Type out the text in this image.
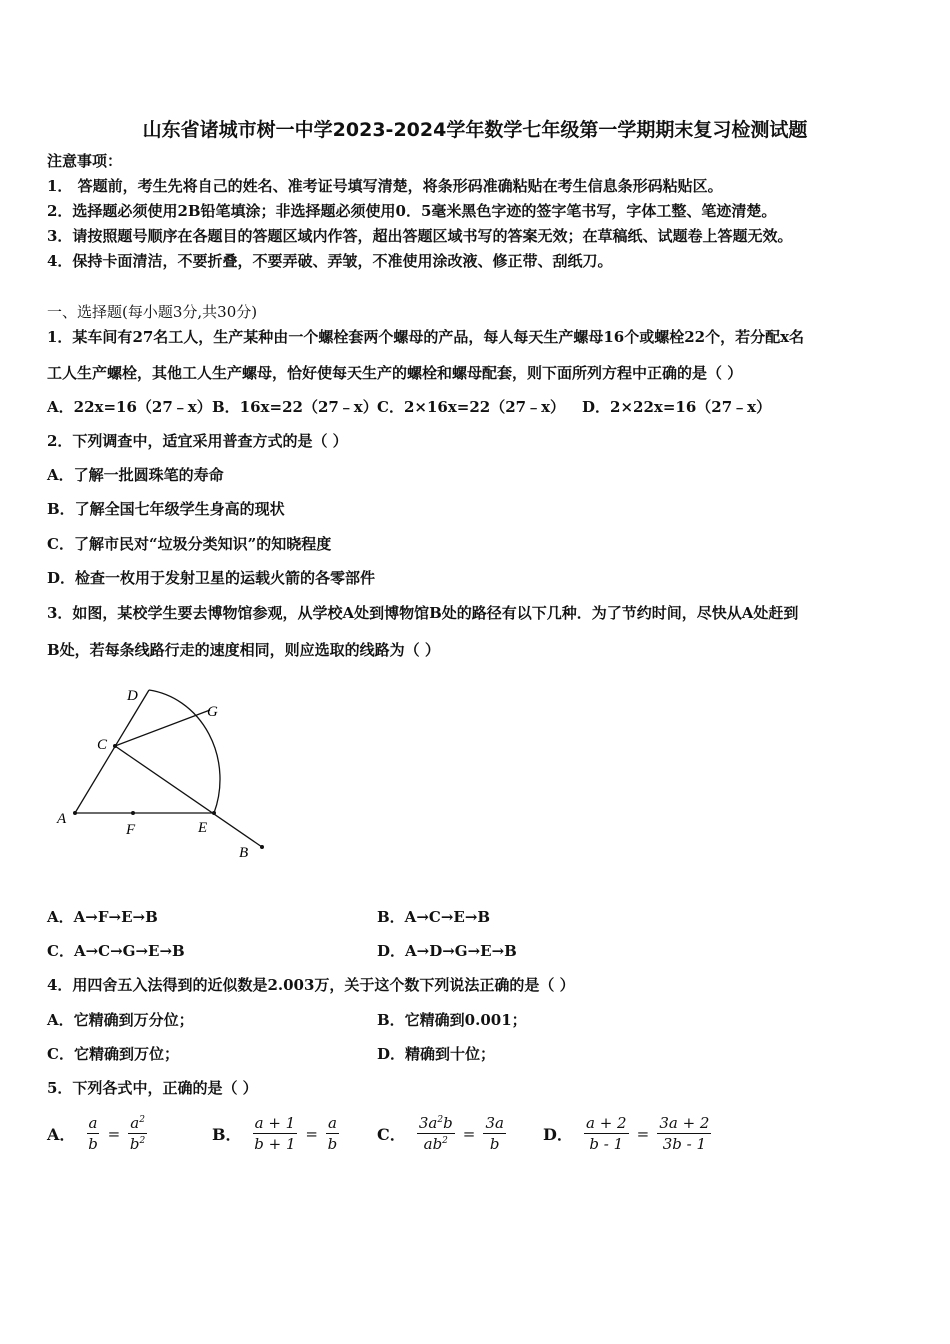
山东省诸城市树一中学2023-2024学年数学七年级第一学期期末复习检测试题
注意事项：
1． 答题前，考生先将自己的姓名、准考证号填写清楚，将条形码准确粘贴在考生信息条形码粘贴区。
2．选择题必须使用2B铅笔填涂；非选择题必须使用0．5毫米黑色字迹的签字笔书写，字体工整、笔迹清楚。
3．请按照题号顺序在各题目的答题区域内作答，超出答题区域书写的答案无效；在草稿纸、试题卷上答题无效。
4．保持卡面清洁，不要折叠，不要弄破、弄皱，不准使用涂改液、修正带、刮纸刀。
一、选择题(每小题3分,共30分)
1．某车间有27名工人，生产某种由一个螺栓套两个螺母的产品，每人每天生产螺母16个或螺栓22个，若分配x名
工人生产螺栓，其他工人生产螺母，恰好使每天生产的螺栓和螺母配套，则下面所列方程中正确的是（ ）
A．22x=16（27﹣x） B．16x=22（27﹣x） C．2×16x=22（27﹣x） D．2×22x=16（27﹣x）
2．下列调查中，适宜采用普查方式的是（ ）
A．了解一批圆珠笔的寿命
B．了解全国七年级学生身高的现状
C．了解市民对“垃圾分类知识”的知晓程度
D．检查一枚用于发射卫星的运载火箭的各零部件
3．如图，某校学生要去博物馆参观，从学校A处到博物馆B处的路径有以下几种．为了节约时间，尽快从A处赶到
B处，若每条线路行走的速度相同，则应选取的线路为（ ）
D
G
C
A
F	E
B
A．A→F→E→B	B．A→C→E→B
C．A→C→G→E→B	D．A→D→G→E→B
4．用四舍五入法得到的近似数是2.003万，关于这个数下列说法正确的是（ ）
A．它精确到万分位；	B．它精确到0.001；
C．它精确到万位；	D．精确到十位；
5．下列各式中，正确的是（ ）
A． $\frac{a}{b} = \frac{a^2}{b^2}$	B． $\frac{a + 1}{b + 1} = \frac{a}{b}$ C． $\frac{3a^2b}{ab^2} = \frac{3a}{b}$ D． $\frac{a + 2}{b - 1} = \frac{3a + 2}{3b - 1}$
